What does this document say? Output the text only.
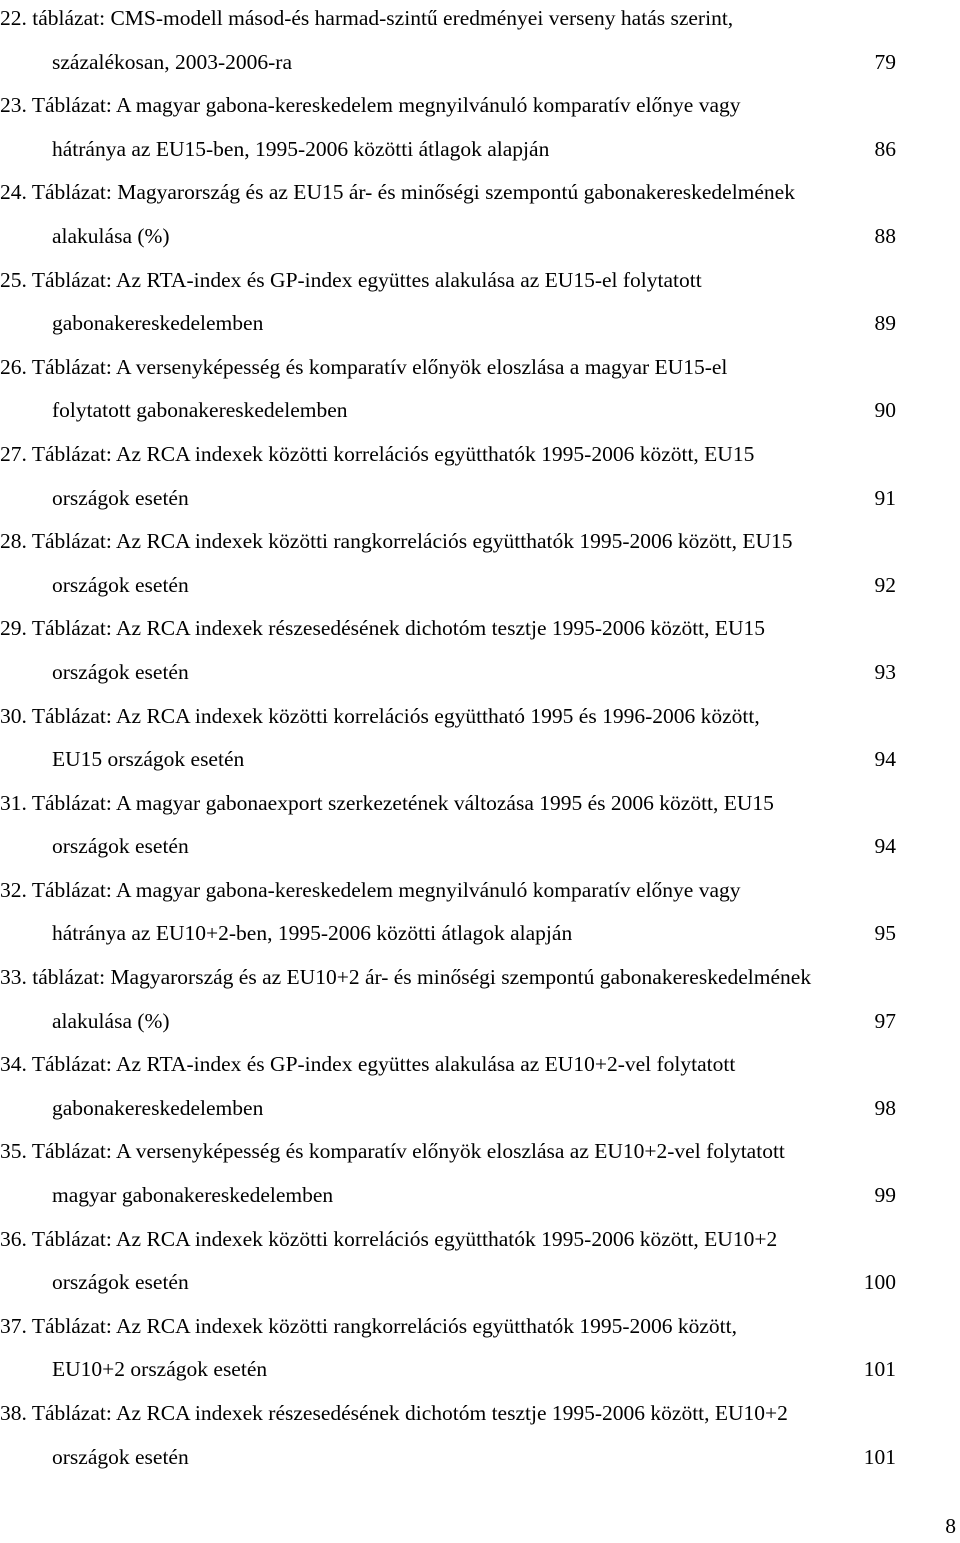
22. táblázat: CMS-modell másod-és harmad-szintű eredményei verseny hatás szerint,
százalékosan, 2003-2006-ra	79
23. Táblázat: A magyar gabona-kereskedelem megnyilvánuló komparatív előnye vagy
hátránya az EU15-ben, 1995-2006 közötti átlagok alapján	86
24. Táblázat: Magyarország és az EU15 ár- és minőségi szempontú gabonakereskedelmének
alakulása (%)	88
25. Táblázat: Az RTA-index és GP-index együttes alakulása az EU15-el folytatott
gabonakereskedelemben	89
26. Táblázat: A versenyképesség és komparatív előnyök eloszlása a magyar EU15-el
folytatott gabonakereskedelemben	90
27. Táblázat: Az RCA indexek közötti korrelációs együtthatók 1995-2006 között, EU15
országok esetén	91
28. Táblázat: Az RCA indexek közötti rangkorrelációs együtthatók 1995-2006 között, EU15
országok esetén	92
29. Táblázat: Az RCA indexek részesedésének dichotóm tesztje 1995-2006 között, EU15
országok esetén	93
30. Táblázat: Az RCA indexek közötti korrelációs együttható 1995 és 1996-2006 között,
EU15 országok esetén	94
31. Táblázat: A magyar gabonaexport szerkezetének változása 1995 és 2006 között, EU15
országok esetén	94
32. Táblázat: A magyar gabona-kereskedelem megnyilvánuló komparatív előnye vagy
hátránya az EU10+2-ben, 1995-2006 közötti átlagok alapján	95
33. táblázat: Magyarország és az EU10+2 ár- és minőségi szempontú gabonakereskedelmének
alakulása (%)	97
34. Táblázat: Az RTA-index és GP-index együttes alakulása az EU10+2-vel folytatott
gabonakereskedelemben	98
35. Táblázat: A versenyképesség és komparatív előnyök eloszlása az EU10+2-vel folytatott
magyar gabonakereskedelemben	99
36. Táblázat: Az RCA indexek közötti korrelációs együtthatók 1995-2006 között, EU10+2
országok esetén	100
37. Táblázat: Az RCA indexek közötti rangkorrelációs együtthatók 1995-2006 között,
EU10+2 országok esetén	101
38. Táblázat: Az RCA indexek részesedésének dichotóm tesztje 1995-2006 között, EU10+2
országok esetén	101
8
